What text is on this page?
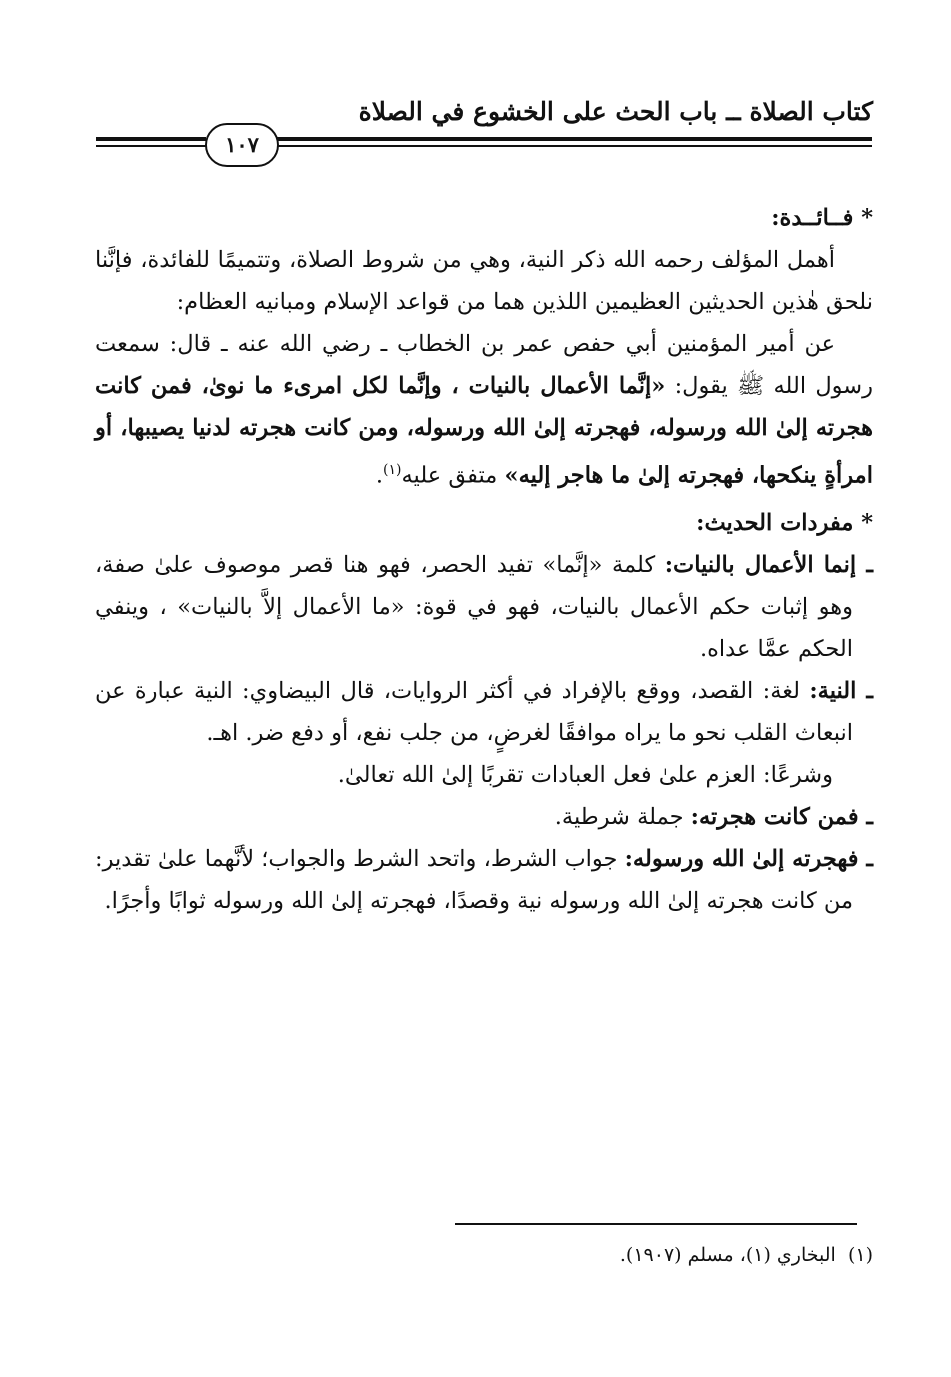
كتاب الصلاة ــ باب الحث على الخشوع في الصلاة
١٠٧

* فــائــدة:

أهمل المؤلف رحمه الله ذكر النية، وهي من شروط الصلاة، وتتميمًا للفائدة، فإنَّنا نلحق هٰذين الحديثين العظيمين اللذين هما من قواعد الإسلام ومبانيه العظام:

عن أمير المؤمنين أبي حفص عمر بن الخطاب ـ رضي الله عنه ـ قال: سمعت رسول الله ﷺ يقول: «إنَّما الأعمال بالنيات ، وإنَّما لكل امرىء ما نوىٰ، فمن كانت هجرته إلىٰ الله ورسوله، فهجرته إلىٰ الله ورسوله، ومن كانت هجرته لدنيا يصيبها، أو امرأةٍ ينكحها، فهجرته إلىٰ ما هاجر إليه» متفق عليه$^{(١)}$.

* مفردات الحديث:

ـ إنما الأعمال بالنيات: كلمة «إنَّما» تفيد الحصر، فهو هنا قصر موصوف علىٰ صفة، وهو إثبات حكم الأعمال بالنيات، فهو في قوة: «ما الأعمال إلاَّ بالنيات» ، وينفي الحكم عمَّا عداه.

ـ النية: لغة: القصد، ووقع بالإفراد في أكثر الروايات، قال البيضاوي: النية عبارة عن انبعاث القلب نحو ما يراه موافقًا لغرضٍ، من جلب نفع، أو دفع ضر. اهـ.

وشرعًا: العزم علىٰ فعل العبادات تقربًا إلىٰ الله تعالىٰ.

ـ فمن كانت هجرته: جملة شرطية.

ـ فهجرته إلىٰ الله ورسوله: جواب الشرط، واتحد الشرط والجواب؛ لأنَّهما علىٰ تقدير: من كانت هجرته إلىٰ الله ورسوله نية وقصدًا، فهجرته إلىٰ الله ورسوله ثوابًا وأجرًا.

(١)  البخاري (١)، مسلم (١٩٠٧).
